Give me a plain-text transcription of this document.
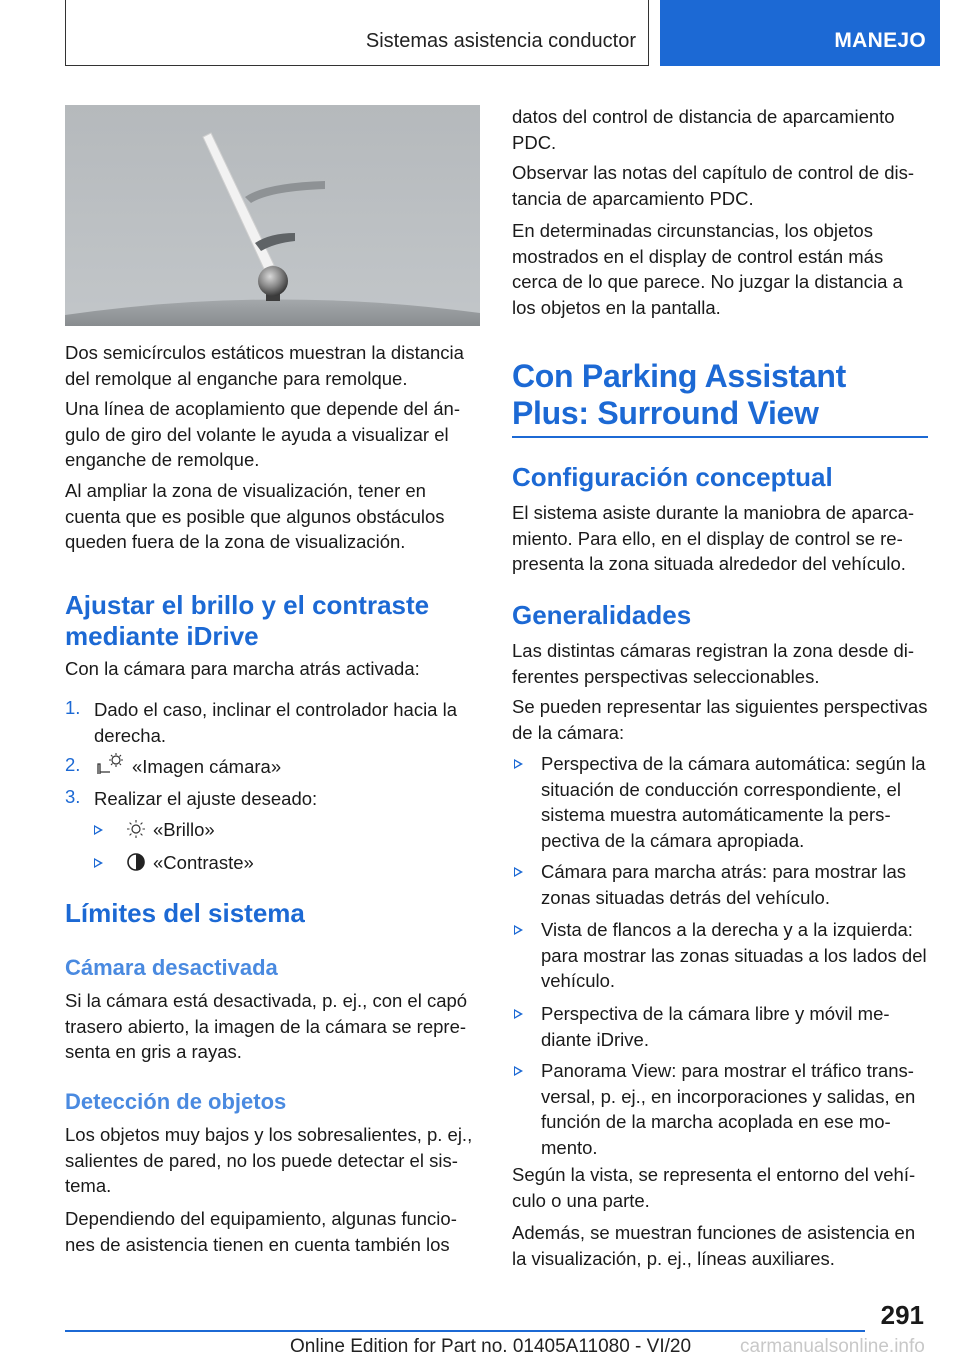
Sistemas asistencia conductor	MANEJO

Dos semicírculos estáticos muestran la distancia del remolque al enganche para remolque.

Una línea de acoplamiento que depende del ángulo de giro del volante le ayuda a visualizar el enganche de remolque.

Al ampliar la zona de visualización, tener en cuenta que es posible que algunos obstáculos queden fuera de la zona de visualización.

Ajustar el brillo y el contraste
mediante iDrive

Con la cámara para marcha atrás activada:

1. Dado el caso, inclinar el controlador hacia la
derecha.

2.	«Imagen cámara»

3. Realizar el ajuste deseado:

«Brillo»

«Contraste»

Límites del sistema
Cámara desactivada

Si la cámara está desactivada, p. ej., con el capó trasero abierto, la imagen de la cámara se representa en gris a rayas.

Detección de objetos

Los objetos muy bajos y los sobresalientes, p. ej., salientes de pared, no los puede detectar el sistema.

Dependiendo del equipamiento, algunas funciones de asistencia tienen en cuenta también los

datos del control de distancia de aparcamiento PDC.

Observar las notas del capítulo de control de distancia de aparcamiento PDC.

En determinadas circunstancias, los objetos mostrados en el display de control están más cerca de lo que parece. No juzgar la distancia a los objetos en la pantalla.

Con Parking Assistant
Plus: Surround View
Configuración conceptual

El sistema asiste durante la maniobra de aparcamiento. Para ello, en el display de control se representa la zona situada alrededor del vehículo.

Generalidades

Las distintas cámaras registran la zona desde diferentes perspectivas seleccionables.

Se pueden representar las siguientes perspectivas de la cámara:

Perspectiva de la cámara automática: según la situación de conducción correspondiente, el sistema muestra automáticamente la perspectiva de la cámara apropiada.

Cámara para marcha atrás: para mostrar las zonas situadas detrás del vehículo.

Vista de flancos a la derecha y a la izquierda: para mostrar las zonas situadas a los lados del vehículo.

Perspectiva de la cámara libre y móvil mediante iDrive.

Panorama View: para mostrar el tráfico transversal, p. ej., en incorporaciones y salidas, en función de la marcha acoplada en ese momento.

Según la vista, se representa el entorno del vehículo o una parte.

Además, se muestran funciones de asistencia en la visualización, p. ej., líneas auxiliares.

291
Online Edition for Part no. 01405A11080 - VI/20	carmanualsonline.info
